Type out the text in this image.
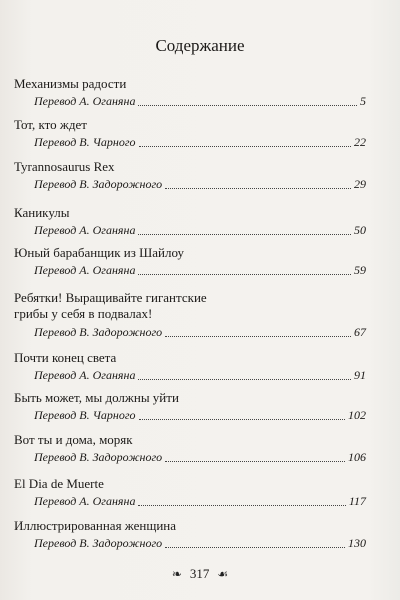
Содержание
Механизмы радости
Перевод А. Оганяна	5
Тот, кто ждет
Перевод В. Чарного	22
Tyrannosaurus Rex
Перевод В. Задорожного	29
Каникулы
Перевод А. Оганяна	50
Юный барабанщик из Шайлоу
Перевод А. Оганяна	59
Ребятки! Выращивайте гигантские
грибы у себя в подвалах!
Перевод В. Задорожного	67
Почти конец света
Перевод А. Оганяна	91
Быть может, мы должны уйти
Перевод В. Чарного	102
Вот ты и дома, моряк
Перевод В. Задорожного	106
El Dia de Muerte
Перевод А. Оганяна	117
Иллюстрированная женщина
Перевод В. Задорожного	130
❧ 317 ☙
